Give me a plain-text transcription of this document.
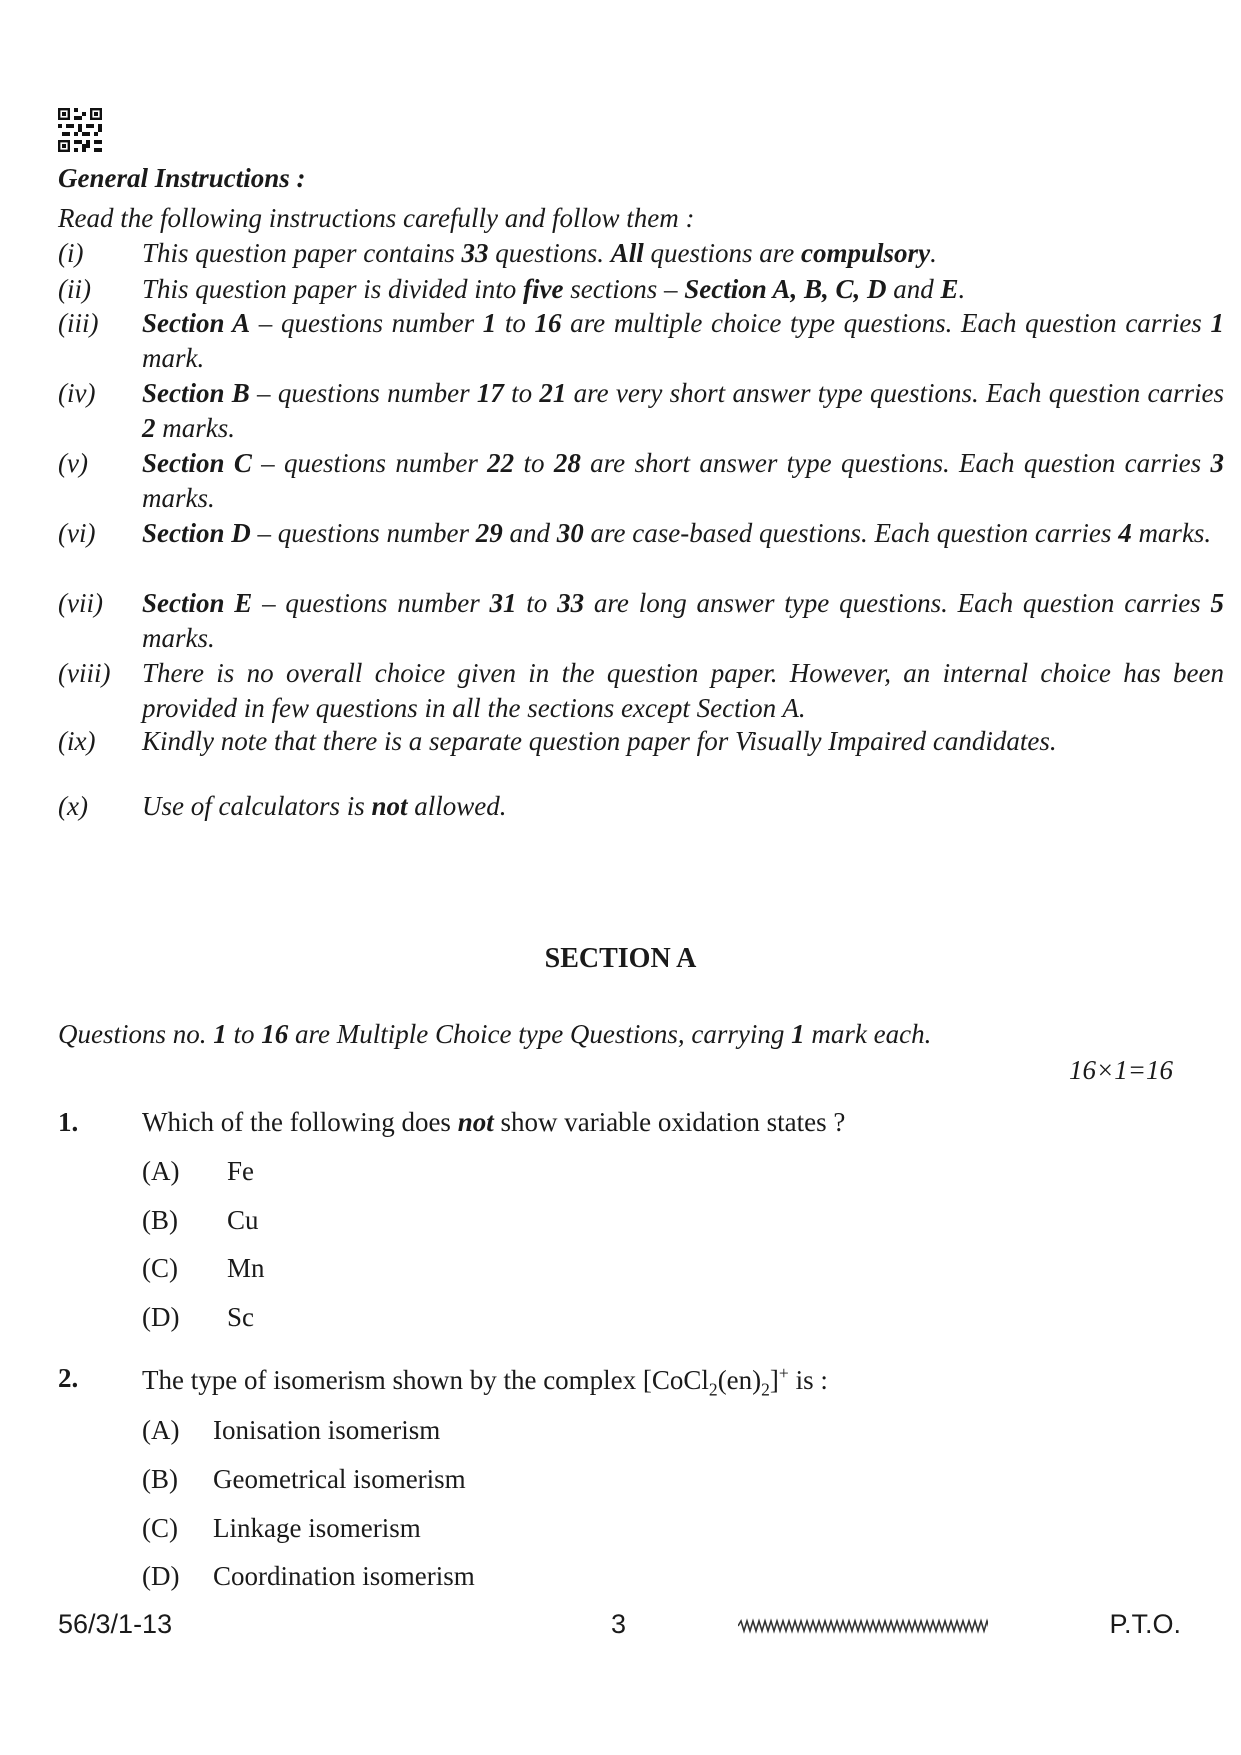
General Instructions :
Read the following instructions carefully and follow them :
(i) This question paper contains 33 questions. All questions are compulsory.
(ii) This question paper is divided into five sections – Section A, B, C, D and E.
(iii) Section A – questions number 1 to 16 are multiple choice type questions. Each question carries 1 mark.
(iv) Section B – questions number 17 to 21 are very short answer type questions. Each question carries 2 marks.
(v) Section C – questions number 22 to 28 are short answer type questions. Each question carries 3 marks.
(vi) Section D – questions number 29 and 30 are case-based questions. Each question carries 4 marks.
(vii) Section E – questions number 31 to 33 are long answer type questions. Each question carries 5 marks.
(viii) There is no overall choice given in the question paper. However, an internal choice has been provided in few questions in all the sections except Section A.
(ix) Kindly note that there is a separate question paper for Visually Impaired candidates.
(x) Use of calculators is not allowed.
SECTION A
Questions no. 1 to 16 are Multiple Choice type Questions, carrying 1 mark each.
16×1=16
1. Which of the following does not show variable oxidation states ?
(A) Fe
(B) Cu
(C) Mn
(D) Sc
2. The type of isomerism shown by the complex $[CoCl_2(en)_2]^+$ is :
(A) Ionisation isomerism
(B) Geometrical isomerism
(C) Linkage isomerism
(D) Coordination isomerism
56/3/1-13	3	P.T.O.
